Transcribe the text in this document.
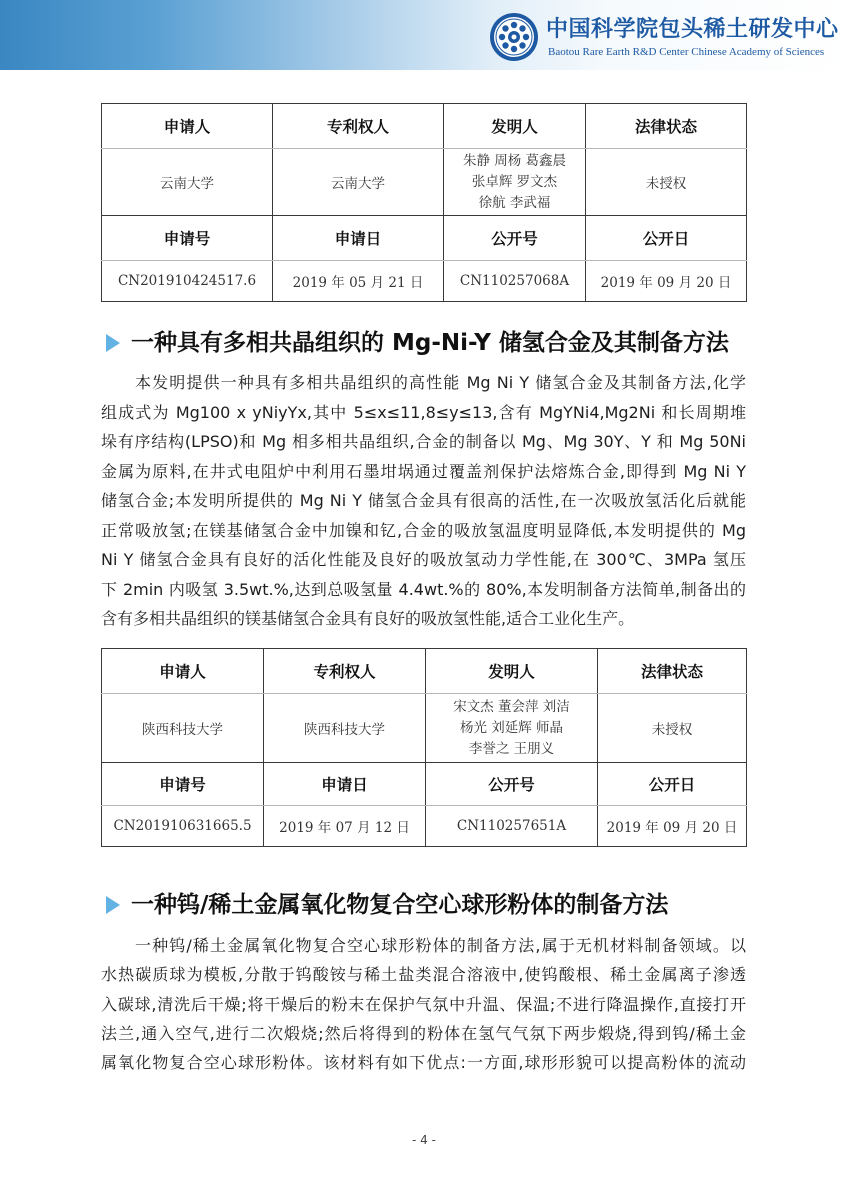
中国科学院包头稀土研发中心
Baotou Rare Earth R&D Center Chinese Academy of Sciences
申请人	专利权人	发明人	法律状态
云南大学	云南大学	朱静 周杨 葛鑫晨
张卓辉 罗文杰
徐航 李武福	未授权
申请号	申请日	公开号	公开日
CN201910424517.6	2019 年 05 月 21 日	CN110257068A	2019 年 09 月 20 日
一种具有多相共晶组织的 Mg-Ni-Y 储氢合金及其制备方法
本发明提供一种具有多相共晶组织的高性能 Mg Ni Y 储氢合金及其制备方法,化学
组成式为 Mg100 x yNiyYx,其中 5≤x≤11,8≤y≤13,含有 MgYNi4,Mg2Ni 和长周期堆
垛有序结构(LPSO)和 Mg 相多相共晶组织,合金的制备以 Mg、Mg 30Y、Y 和 Mg 50Ni
金属为原料,在井式电阻炉中利用石墨坩埚通过覆盖剂保护法熔炼合金,即得到 Mg Ni Y
储氢合金;本发明所提供的 Mg Ni Y 储氢合金具有很高的活性,在一次吸放氢活化后就能
正常吸放氢;在镁基储氢合金中加镍和钇,合金的吸放氢温度明显降低,本发明提供的 Mg
Ni Y 储氢合金具有良好的活化性能及良好的吸放氢动力学性能,在 300℃、3MPa 氢压
下 2min 内吸氢 3.5wt.%,达到总吸氢量 4.4wt.%的 80%,本发明制备方法简单,制备出的
含有多相共晶组织的镁基储氢合金具有良好的吸放氢性能,适合工业化生产。
申请人	专利权人	发明人	法律状态
陕西科技大学	陕西科技大学	宋文杰 董会萍 刘洁
杨光 刘延辉 师晶
李誉之 王朋义	未授权
申请号	申请日	公开号	公开日
CN201910631665.5	2019 年 07 月 12 日	CN110257651A	2019 年 09 月 20 日
一种钨/稀土金属氧化物复合空心球形粉体的制备方法
一种钨/稀土金属氧化物复合空心球形粉体的制备方法,属于无机材料制备领域。以
水热碳质球为模板,分散于钨酸铵与稀土盐类混合溶液中,使钨酸根、稀土金属离子渗透
入碳球,清洗后干燥;将干燥后的粉末在保护气氛中升温、保温;不进行降温操作,直接打开
法兰,通入空气,进行二次煅烧;然后将得到的粉体在氢气气氛下两步煅烧,得到钨/稀土金
属氧化物复合空心球形粉体。该材料有如下优点:一方面,球形形貌可以提高粉体的流动
- 4 -
